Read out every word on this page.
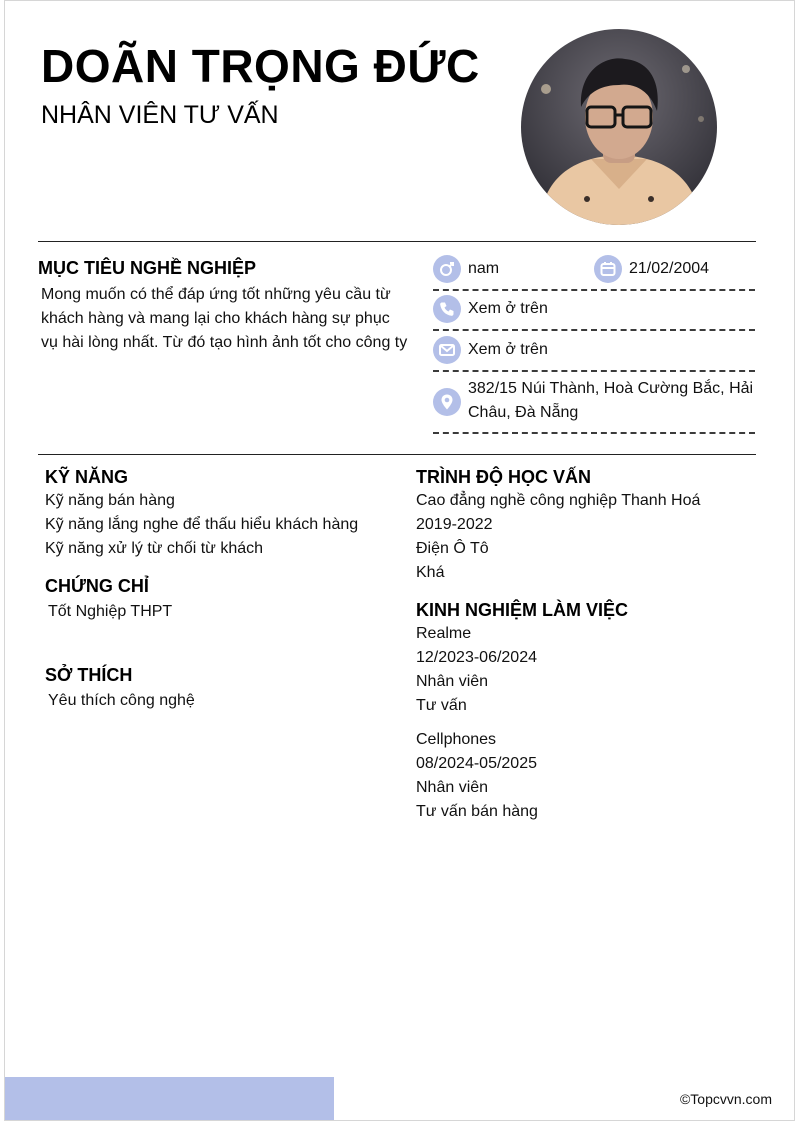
DOÃN TRỌNG ĐỨC
NHÂN VIÊN TƯ VẤN
MỤC TIÊU NGHỀ NGHIỆP
Mong muốn có thể đáp ứng tốt những yêu cầu từ khách hàng và mang lại cho khách hàng sự phục vụ hài lòng nhất. Từ đó tạo hình ảnh tốt cho công ty
nam	21/02/2004
Xem ở trên
Xem ở trên
382/15 Núi Thành, Hoà Cường Bắc, Hải Châu, Đà Nẵng
KỸ NĂNG
Kỹ năng bán hàng
Kỹ năng lắng nghe để thấu hiểu khách hàng
Kỹ năng xử lý từ chối từ khách
CHỨNG CHỈ
Tốt Nghiệp THPT
SỞ THÍCH
Yêu thích công nghệ
TRÌNH ĐỘ HỌC VẤN
Cao đẳng nghề công nghiệp Thanh Hoá
2019-2022
Điện Ô Tô
Khá
KINH NGHIỆM LÀM VIỆC
Realme
12/2023-06/2024
Nhân viên
Tư vấn
Cellphones
08/2024-05/2025
Nhân viên
Tư vấn bán hàng
©Topcvvn.com
